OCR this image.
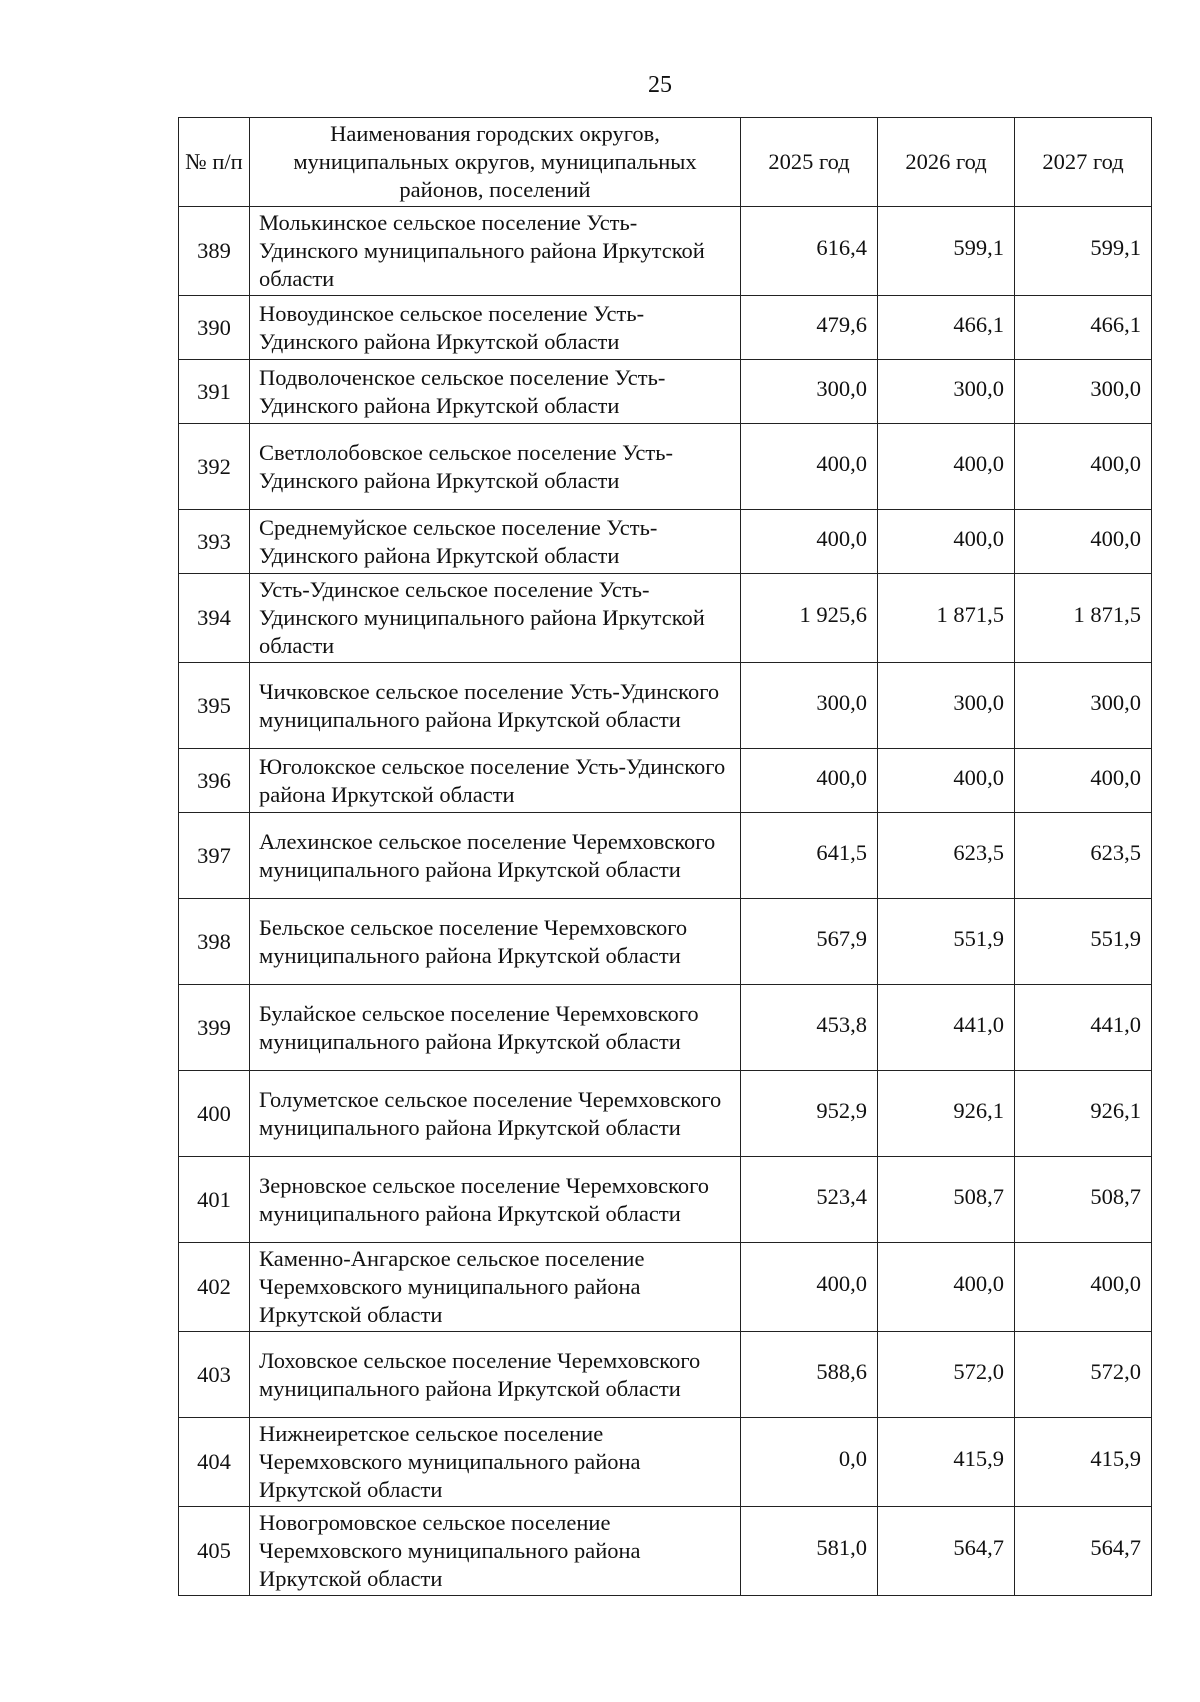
25
№ п/п	Наименования городских округов, муниципальных округов, муниципальных районов, поселений	2025 год	2026 год	2027 год
389	Молькинское сельское поселение Усть-Удинского муниципального района Иркутской области	616,4	599,1	599,1
390	Новоудинское сельское поселение Усть-Удинского района Иркутской области	479,6	466,1	466,1
391	Подволоченское сельское поселение Усть-Удинского района Иркутской области	300,0	300,0	300,0
392	Светлолобовское сельское поселение Усть-Удинского района Иркутской области	400,0	400,0	400,0
393	Среднемуйское сельское поселение Усть-Удинского района Иркутской области	400,0	400,0	400,0
394	Усть-Удинское сельское поселение Усть-Удинского муниципального района Иркутской области	1 925,6	1 871,5	1 871,5
395	Чичковское сельское поселение Усть-Удинского муниципального района Иркутской области	300,0	300,0	300,0
396	Юголокское сельское поселение Усть-Удинского района Иркутской области	400,0	400,0	400,0
397	Алехинское сельское поселение Черемховского муниципального района Иркутской области	641,5	623,5	623,5
398	Бельское сельское поселение Черемховского муниципального района Иркутской области	567,9	551,9	551,9
399	Булайское сельское поселение Черемховского муниципального района Иркутской области	453,8	441,0	441,0
400	Голуметское сельское поселение Черемховского муниципального района Иркутской области	952,9	926,1	926,1
401	Зерновское сельское поселение Черемховского муниципального района Иркутской области	523,4	508,7	508,7
402	Каменно-Ангарское сельское поселение Черемховского муниципального района Иркутской области	400,0	400,0	400,0
403	Лоховское сельское поселение Черемховского муниципального района Иркутской области	588,6	572,0	572,0
404	Нижнеиретское сельское поселение Черемховского муниципального района Иркутской области	0,0	415,9	415,9
405	Новогромовское сельское поселение Черемховского муниципального района Иркутской области	581,0	564,7	564,7
